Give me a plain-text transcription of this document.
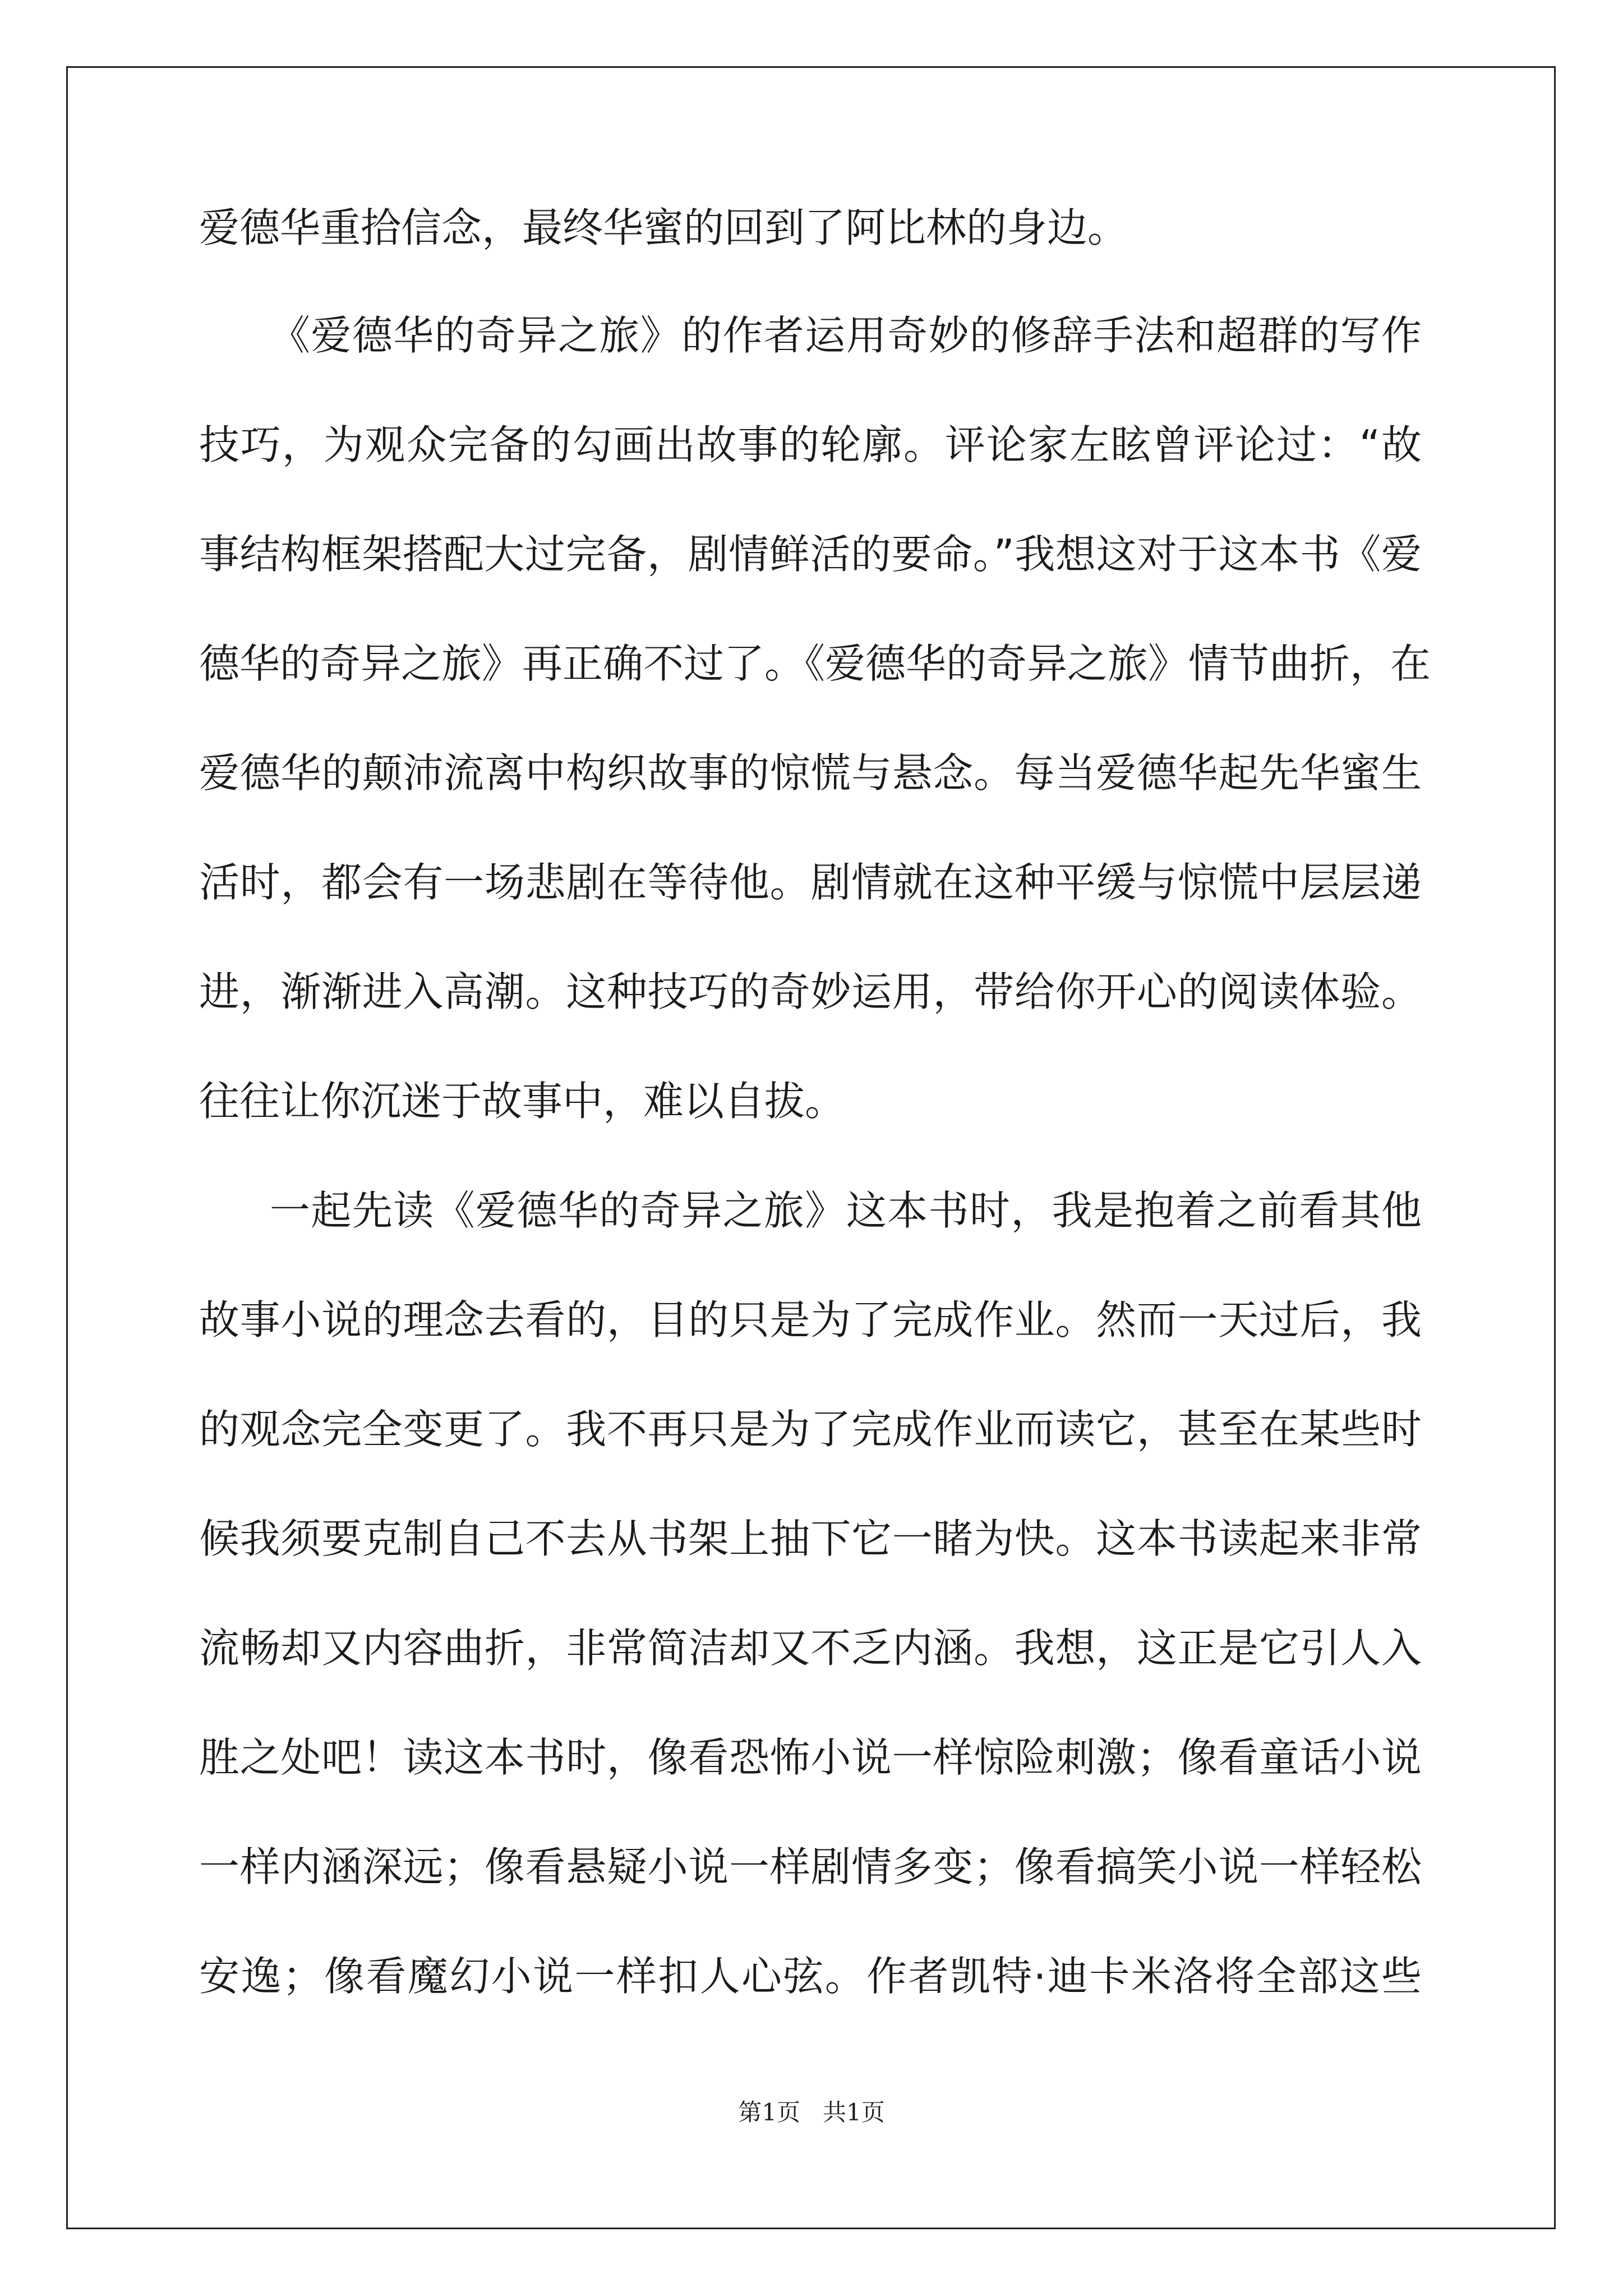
爱德华重拾信念，最终华蜜的回到了阿比林的身边。
《爱德华的奇异之旅》的作者运用奇妙的修辞手法和超群的写作
技巧，为观众完备的勾画出故事的轮廓。评论家左眩曾评论过：“故
事结构框架搭配大过完备，剧情鲜活的要命。”我想这对于这本书《爱
德华的奇异之旅》再正确不过了。《爱德华的奇异之旅》情节曲折，在
爱德华的颠沛流离中构织故事的惊慌与悬念。每当爱德华起先华蜜生
活时，都会有一场悲剧在等待他。剧情就在这种平缓与惊慌中层层递
进，渐渐进入高潮。这种技巧的奇妙运用，带给你开心的阅读体验。
往往让你沉迷于故事中，难以自拔。
一起先读《爱德华的奇异之旅》这本书时，我是抱着之前看其他
故事小说的理念去看的，目的只是为了完成作业。然而一天过后，我
的观念完全变更了。我不再只是为了完成作业而读它，甚至在某些时
候我须要克制自己不去从书架上抽下它一睹为快。这本书读起来非常
流畅却又内容曲折，非常简洁却又不乏内涵。我想，这正是它引人入
胜之处吧！读这本书时，像看恐怖小说一样惊险刺激；像看童话小说
一样内涵深远；像看悬疑小说一样剧情多变；像看搞笑小说一样轻松
安逸；像看魔幻小说一样扣人心弦。作者凯特·迪卡米洛将全部这些
第1页   共1页
